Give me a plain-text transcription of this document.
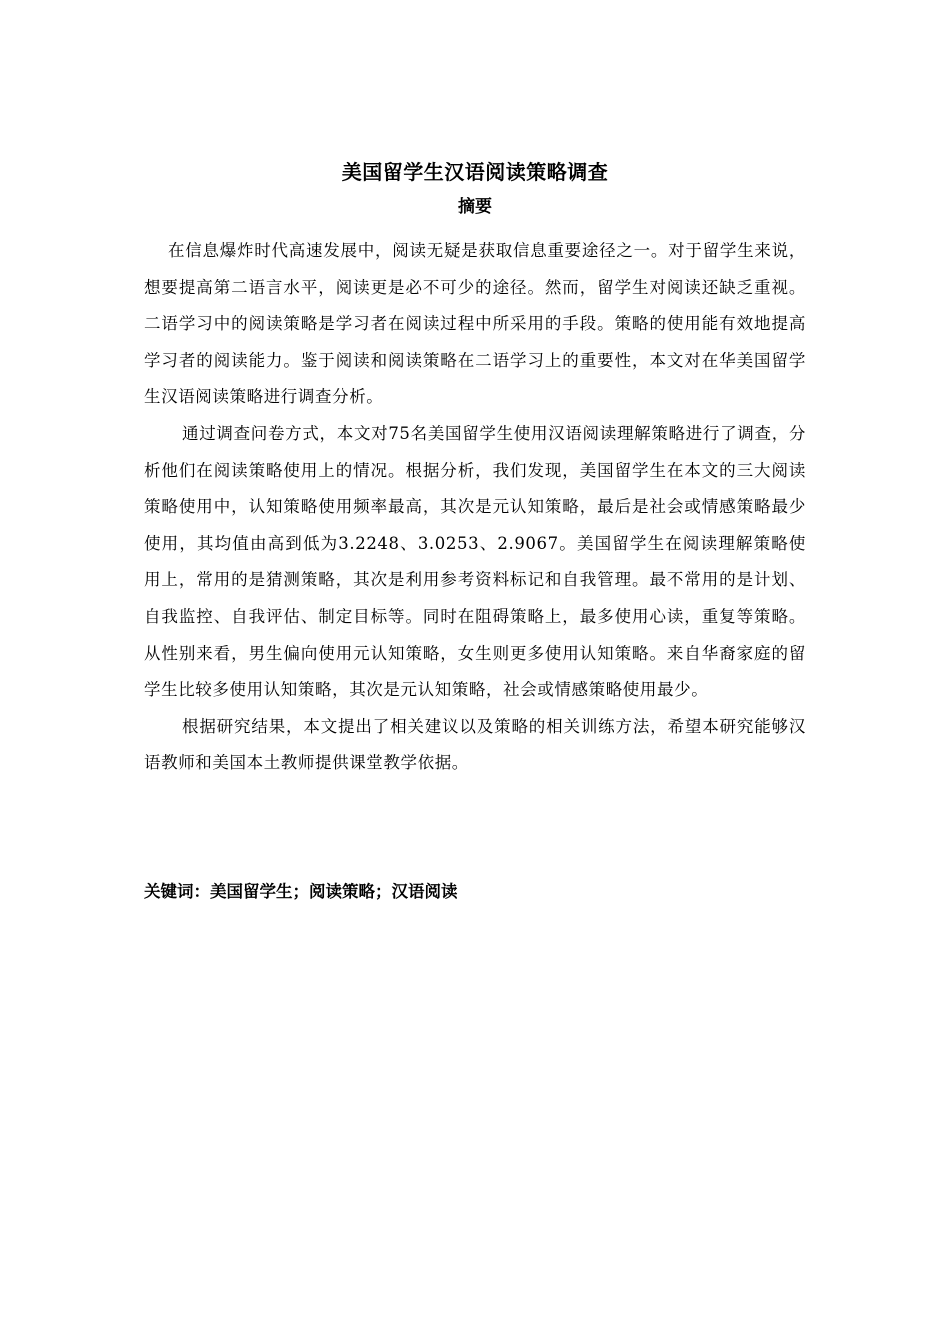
美国留学生汉语阅读策略调查
摘要

在信息爆炸时代高速发展中，阅读无疑是获取信息重要途径之一。对于留学生来说，想要提高第二语言水平，阅读更是必不可少的途径。然而，留学生对阅读还缺乏重视。二语学习中的阅读策略是学习者在阅读过程中所采用的手段。策略的使用能有效地提高学习者的阅读能力。鉴于阅读和阅读策略在二语学习上的重要性，本文对在华美国留学生汉语阅读策略进行调查分析。

通过调查问卷方式，本文对75名美国留学生使用汉语阅读理解策略进行了调查，分析他们在阅读策略使用上的情况。根据分析，我们发现，美国留学生在本文的三大阅读策略使用中，认知策略使用频率最高，其次是元认知策略，最后是社会或情感策略最少使用，其均值由高到低为3.2248、3.0253、2.9067。美国留学生在阅读理解策略使用上，常用的是猜测策略，其次是利用参考资料标记和自我管理。最不常用的是计划、自我监控、自我评估、制定目标等。同时在阻碍策略上，最多使用心读，重复等策略。从性别来看，男生偏向使用元认知策略，女生则更多使用认知策略。来自华裔家庭的留学生比较多使用认知策略，其次是元认知策略，社会或情感策略使用最少。

根据研究结果，本文提出了相关建议以及策略的相关训练方法，希望本研究能够汉语教师和美国本土教师提供课堂教学依据。

关键词：美国留学生；阅读策略；汉语阅读
